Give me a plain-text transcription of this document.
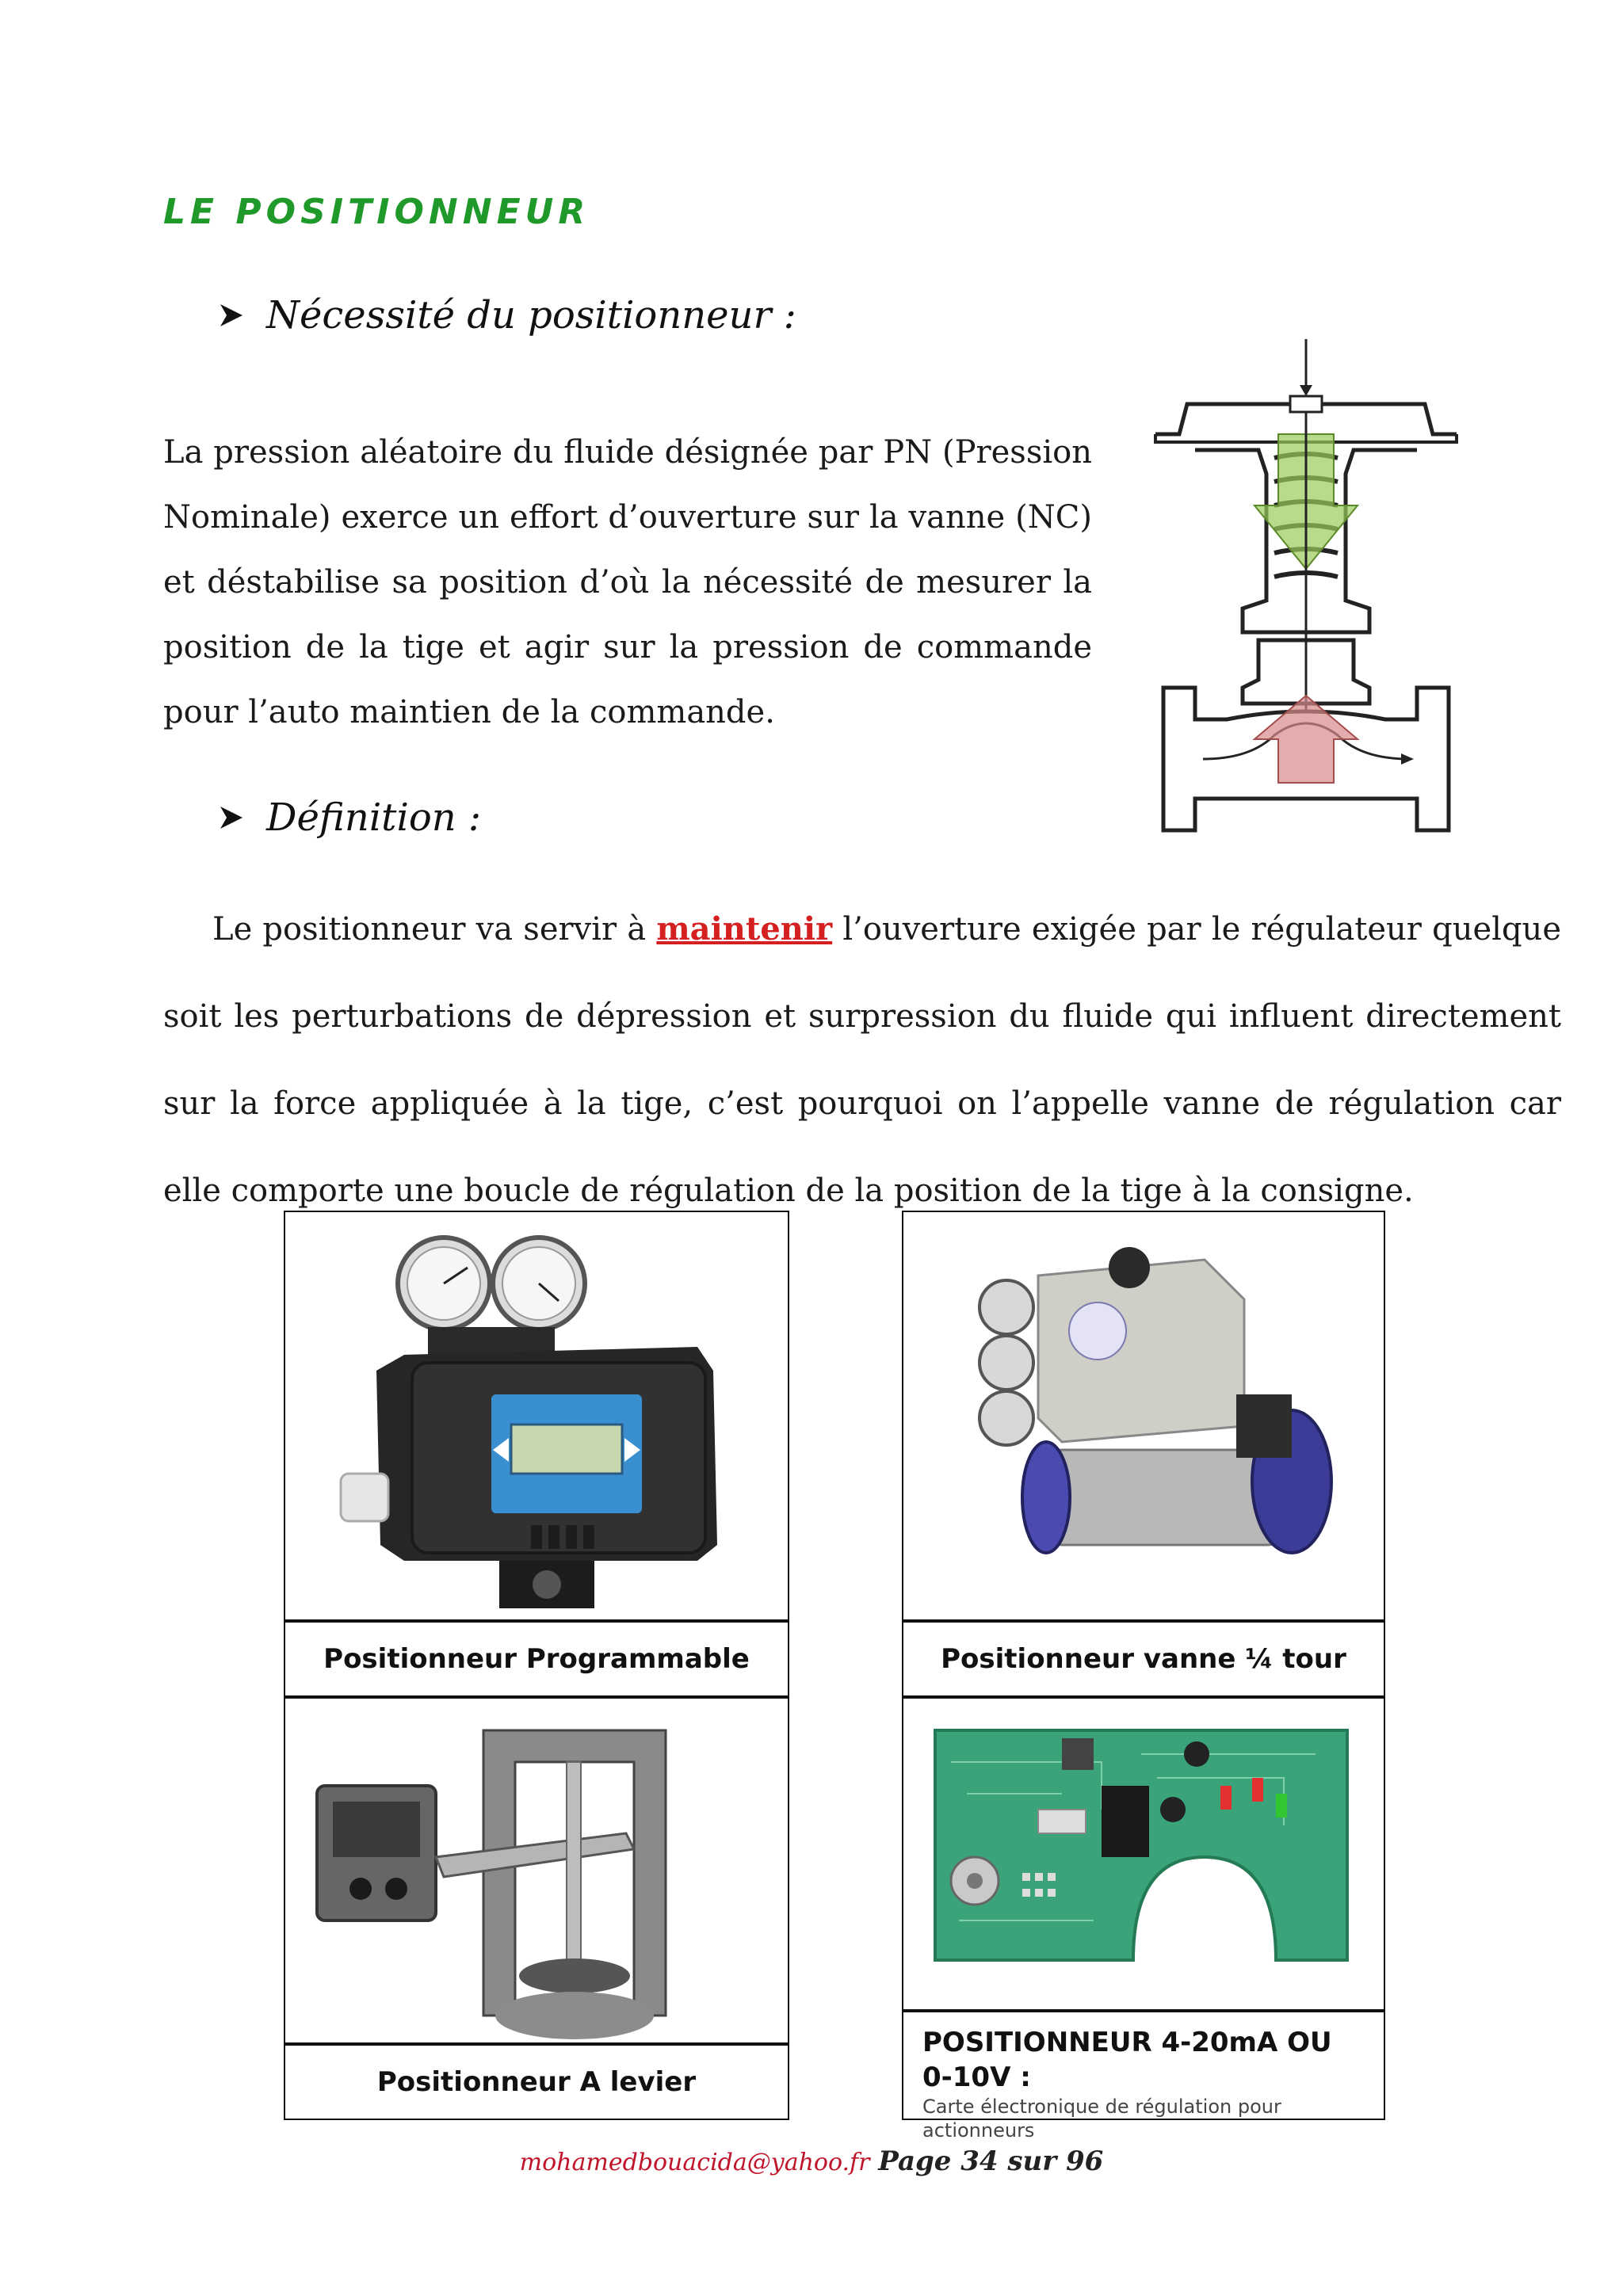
LE POSITIONNEUR
Nécessité du positionneur :
La pression aléatoire du fluide désignée par PN (Pression Nominale) exerce un effort d’ouverture sur la vanne (NC) et déstabilise sa position d’où la nécessité de mesurer la position de la tige et agir sur la pression de commande pour l’auto maintien de la commande.
Définition :
Le positionneur va servir à maintenir l’ouverture exigée par le régulateur quelque soit les perturbations de dépression et surpression du fluide qui influent directement sur la force appliquée à la tige, c’est pourquoi on l’appelle vanne de régulation car elle comporte une boucle de régulation de la position de la tige à la consigne.
Positionneur Programmable	Positionneur vanne ¼ tour
Positionneur A levier
POSITIONNEUR 4-20mA OU 0-10V :
Carte électronique de régulation pour actionneurs
mohamedbouacida@yahoo.fr Page 34 sur 96
